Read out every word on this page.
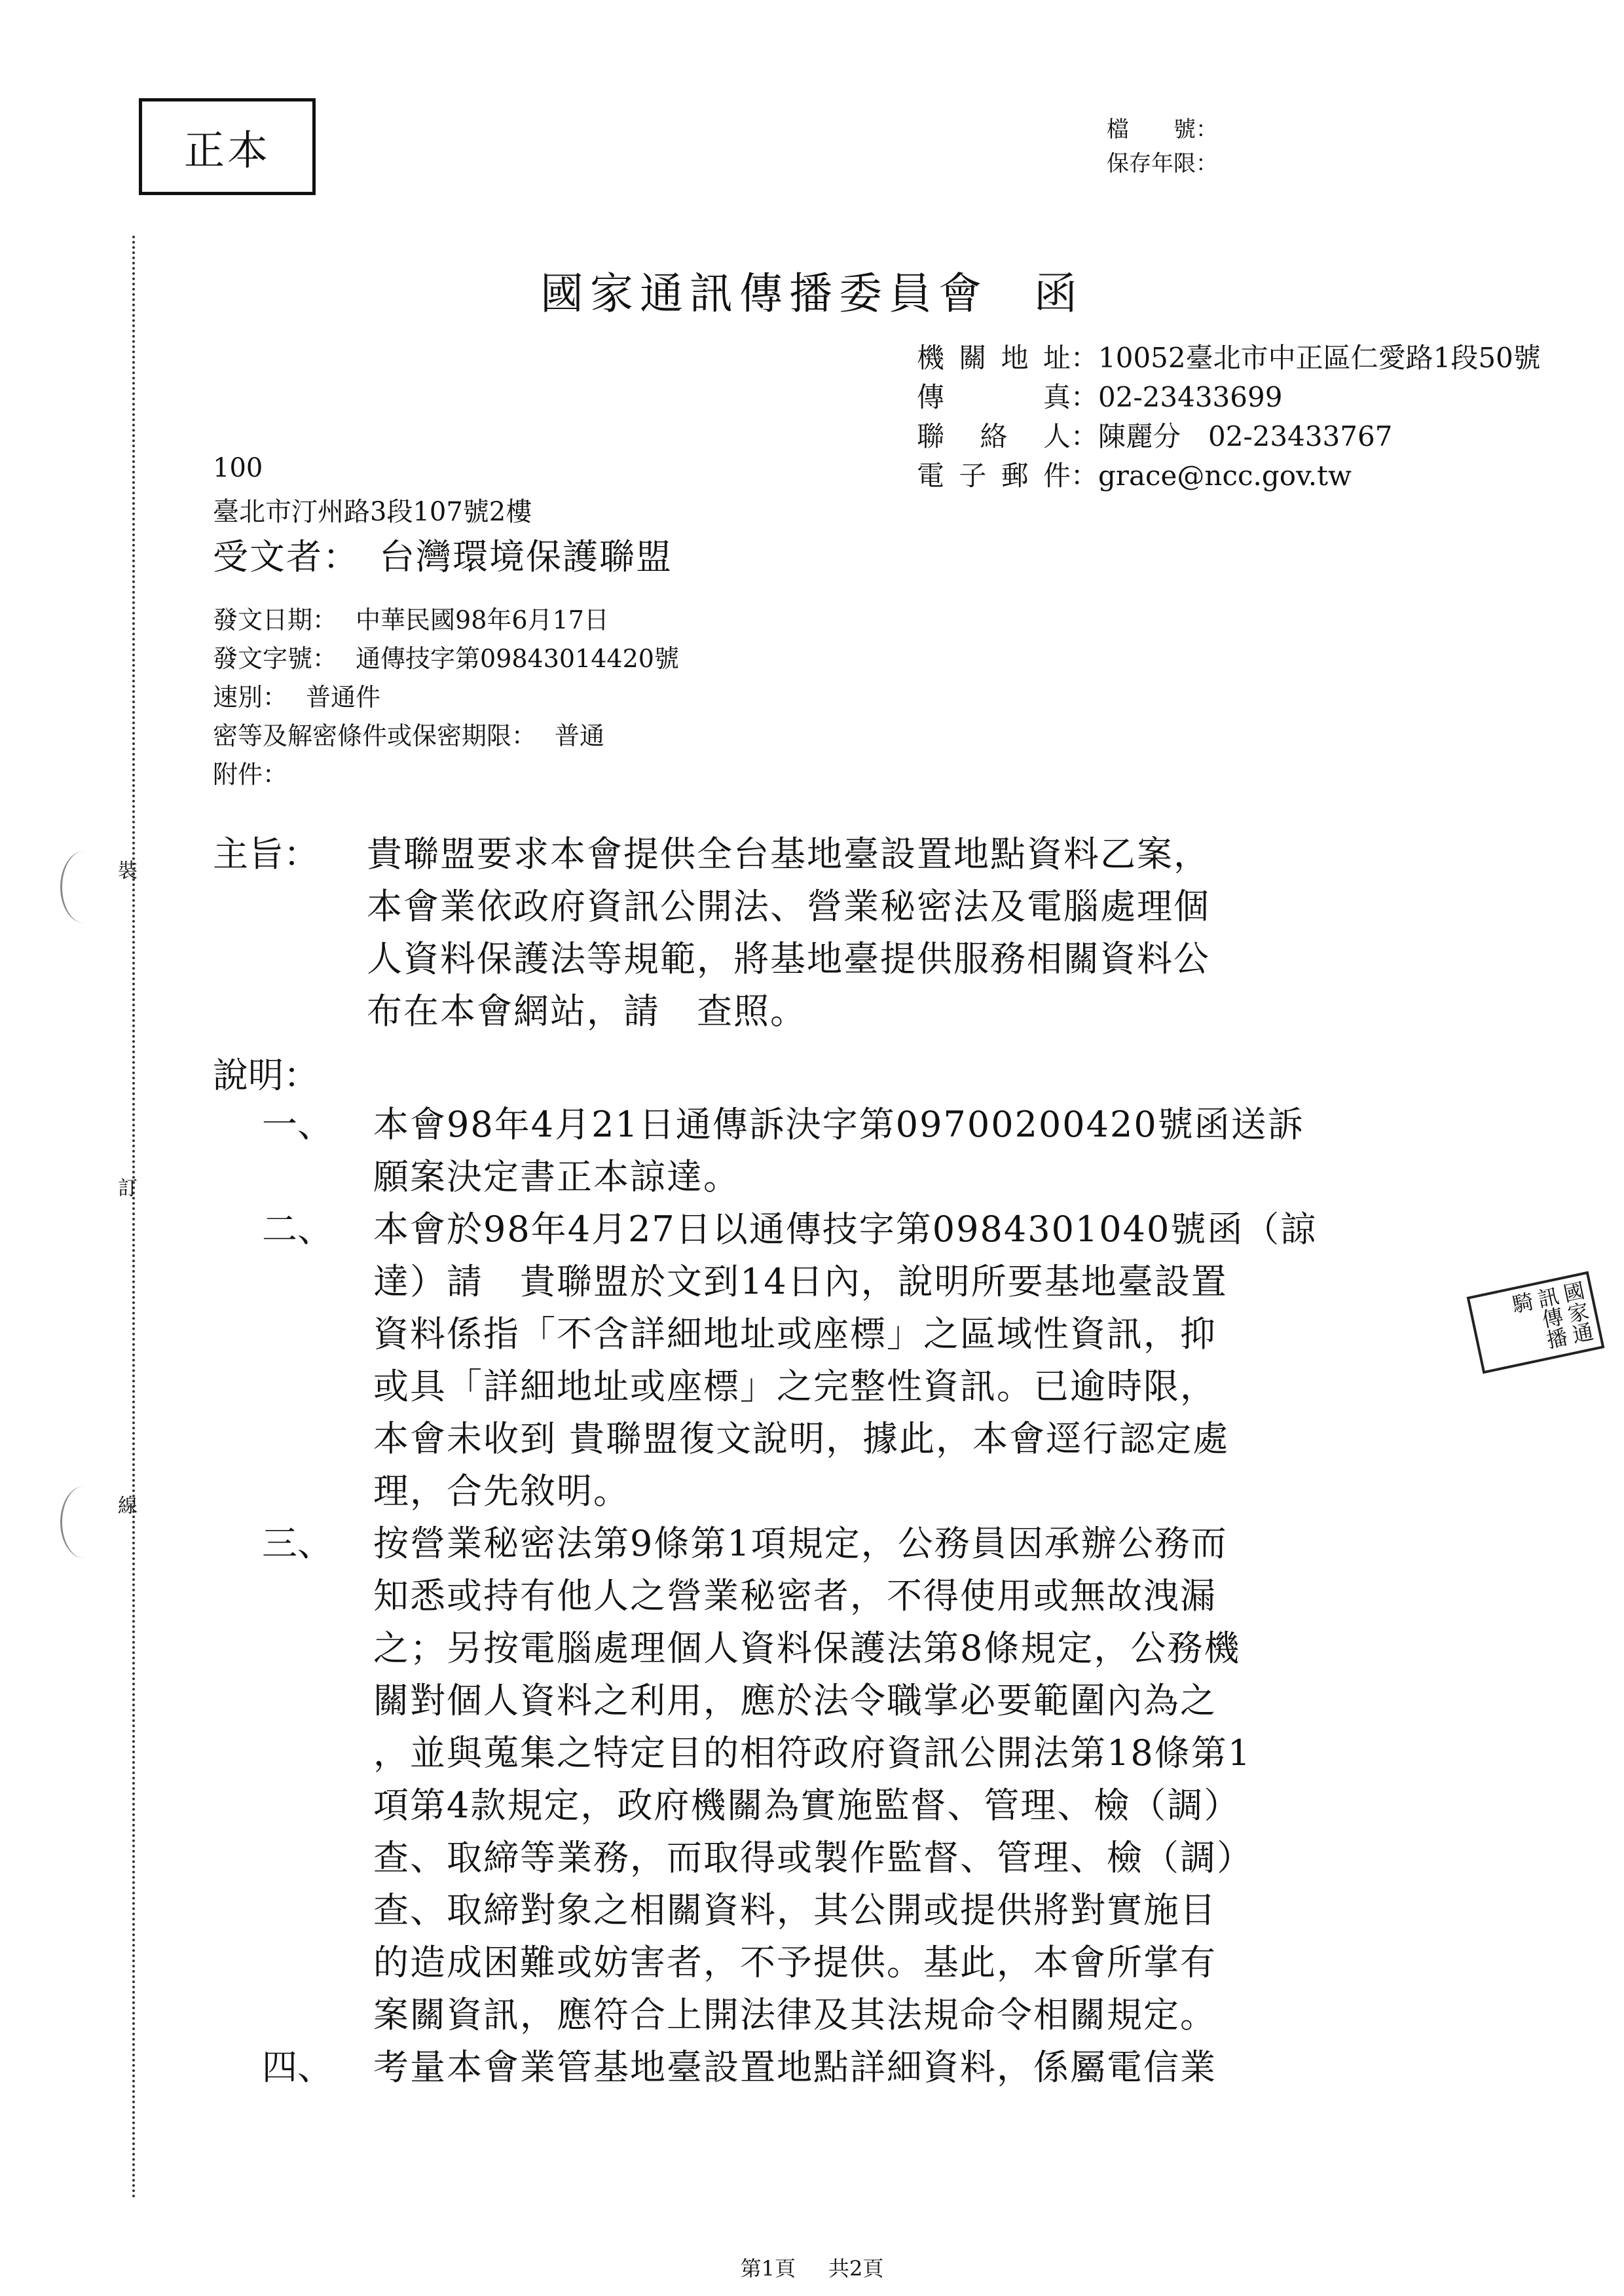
正本	檔　　號：
保存年限：
裝
訂
線
國家通訊傳播委員會 函
機關地址 ： 10052臺北市中正區仁愛路1段50號
傳　　真 ： 02-23433699
聯 絡 人 ： 陳麗分　02-23433767
電子郵件 ： grace@ncc.gov.tw
100
臺北市汀州路3段107號2樓
受文者： 台灣環境保護聯盟
發文日期： 中華民國98年6月17日
發文字號： 通傳技字第09843014420號
速別： 普通件
密等及解密條件或保密期限： 普通
附件：
主旨：	貴聯盟要求本會提供全台基地臺設置地點資料乙案，
本會業依政府資訊公開法、營業秘密法及電腦處理個
人資料保護法等規範，將基地臺提供服務相關資料公
布在本會網站，請　查照。
說明：
一、	本會98年4月21日通傳訴決字第09700200420號函送訴
願案決定書正本諒達。
二、	本會於98年4月27日以通傳技字第0984301040號函（諒
達）請　貴聯盟於文到14日內，說明所要基地臺設置
資料係指「不含詳細地址或座標」之區域性資訊，抑
或具「詳細地址或座標」之完整性資訊。已逾時限，
本會未收到 貴聯盟復文說明，據此，本會逕行認定處
理，合先敘明。
三、	按營業秘密法第9條第1項規定，公務員因承辦公務而
知悉或持有他人之營業秘密者，不得使用或無故洩漏
之；另按電腦處理個人資料保護法第8條規定，公務機
關對個人資料之利用，應於法令職掌必要範圍內為之
，並與蒐集之特定目的相符政府資訊公開法第18條第1
項第4款規定，政府機關為實施監督、管理、檢（調）
查、取締等業務，而取得或製作監督、管理、檢（調）
查、取締對象之相關資料，其公開或提供將對實施目
的造成困難或妨害者，不予提供。基此，本會所掌有
案關資訊，應符合上開法律及其法規命令相關規定。
四、	考量本會業管基地臺設置地點詳細資料，係屬電信業
國家通訊傳播騎
第1頁 共2頁
